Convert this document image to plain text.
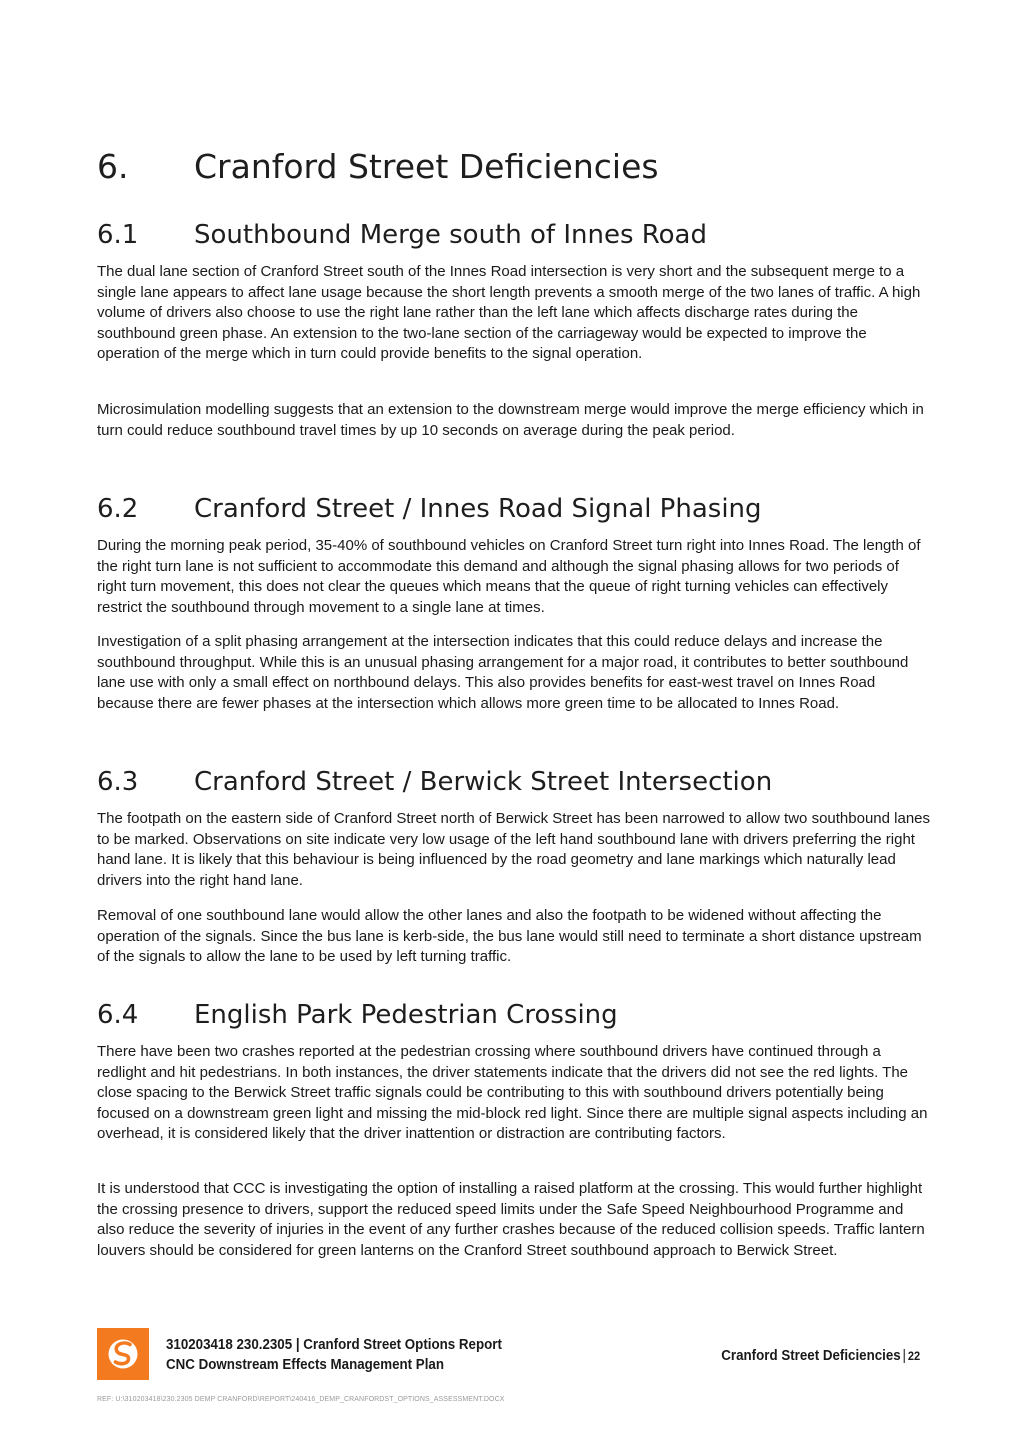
6. Cranford Street Deficiencies
6.1 Southbound Merge south of Innes Road

The dual lane section of Cranford Street south of the Innes Road intersection is very short and the subsequent merge to a single lane appears to affect lane usage because the short length prevents a smooth merge of the two lanes of traffic. A high volume of drivers also choose to use the right lane rather than the left lane which affects discharge rates during the southbound green phase. An extension to the two-lane section of the carriageway would be expected to improve the operation of the merge which in turn could provide benefits to the signal operation.

Microsimulation modelling suggests that an extension to the downstream merge would improve the merge efficiency which in turn could reduce southbound travel times by up 10 seconds on average during the peak period.

6.2 Cranford Street / Innes Road Signal Phasing

During the morning peak period, 35-40% of southbound vehicles on Cranford Street turn right into Innes Road. The length of the right turn lane is not sufficient to accommodate this demand and although the signal phasing allows for two periods of right turn movement, this does not clear the queues which means that the queue of right turning vehicles can effectively restrict the southbound through movement to a single lane at times.

Investigation of a split phasing arrangement at the intersection indicates that this could reduce delays and increase the southbound throughput. While this is an unusual phasing arrangement for a major road, it contributes to better southbound lane use with only a small effect on northbound delays. This also provides benefits for east-west travel on Innes Road because there are fewer phases at the intersection which allows more green time to be allocated to Innes Road.

6.3 Cranford Street / Berwick Street Intersection

The footpath on the eastern side of Cranford Street north of Berwick Street has been narrowed to allow two southbound lanes to be marked. Observations on site indicate very low usage of the left hand southbound lane with drivers preferring the right hand lane. It is likely that this behaviour is being influenced by the road geometry and lane markings which naturally lead drivers into the right hand lane.

Removal of one southbound lane would allow the other lanes and also the footpath to be widened without affecting the operation of the signals. Since the bus lane is kerb-side, the bus lane would still need to terminate a short distance upstream of the signals to allow the lane to be used by left turning traffic.

6.4 English Park Pedestrian Crossing

There have been two crashes reported at the pedestrian crossing where southbound drivers have continued through a redlight and hit pedestrians. In both instances, the driver statements indicate that the drivers did not see the red lights. The close spacing to the Berwick Street traffic signals could be contributing to this with southbound drivers potentially being focused on a downstream green light and missing the mid-block red light. Since there are multiple signal aspects including an overhead, it is considered likely that the driver inattention or distraction are contributing factors.

It is understood that CCC is investigating the option of installing a raised platform at the crossing. This would further highlight the crossing presence to drivers, support the reduced speed limits under the Safe Speed Neighbourhood Programme and also reduce the severity of injuries in the event of any further crashes because of the reduced collision speeds. Traffic lantern louvers should be considered for green lanterns on the Cranford Street southbound approach to Berwick Street.

310203418 230.2305 | Cranford Street Options Report
CNC Downstream Effects Management Plan
Cranford Street Deficiencies | 22
REF: U:\310203418\230.2305 DEMP CRANFORD\REPORT\240416_DEMP_CRANFORDST_OPTIONS_ASSESSMENT.DOCX
